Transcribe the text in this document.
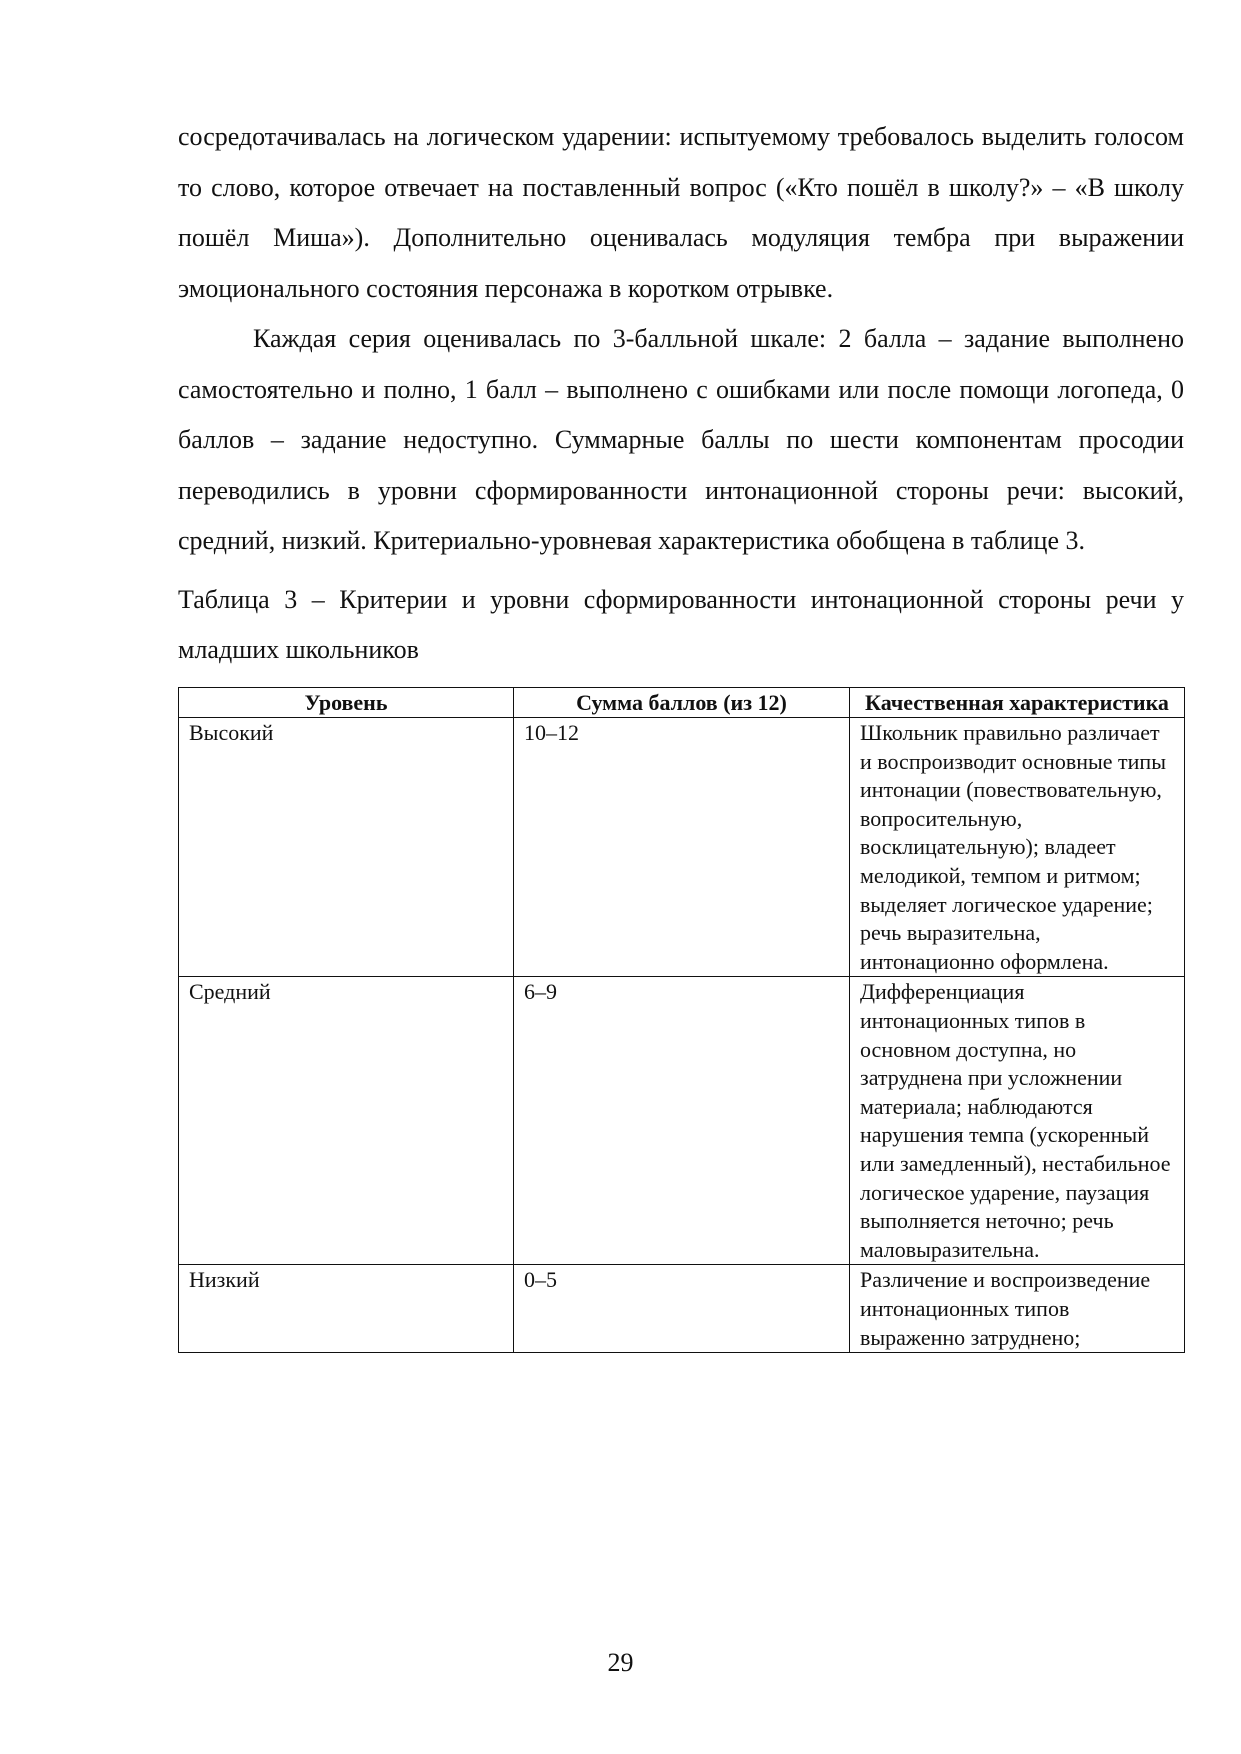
сосредотачивалась на логическом ударении: испытуемому требовалось выделить голосом то слово, которое отвечает на поставленный вопрос («Кто пошёл в школу?» – «В школу пошёл Миша»). Дополнительно оценивалась модуляция тембра при выражении эмоционального состояния персонажа в коротком отрывке.

Каждая серия оценивалась по 3-балльной шкале: 2 балла – задание выполнено самостоятельно и полно, 1 балл – выполнено с ошибками или после помощи логопеда, 0 баллов – задание недоступно. Суммарные баллы по шести компонентам просодии переводились в уровни сформированности интонационной стороны речи: высокий, средний, низкий. Критериально-уровневая характеристика обобщена в таблице 3.

Таблица 3 – Критерии и уровни сформированности интонационной стороны речи у младших школьников

Уровень	Сумма баллов (из 12)	Качественная характеристика
Высокий	10–12	Школьник правильно различает и воспроизводит основные типы интонации (повествовательную, вопросительную, восклицательную); владеет мелодикой, темпом и ритмом; выделяет логическое ударение; речь выразительна, интонационно оформлена.
Средний	6–9	Дифференциация интонационных типов в основном доступна, но затруднена при усложнении материала; наблюдаются нарушения темпа (ускоренный или замедленный), нестабильное логическое ударение, паузация выполняется неточно; речь маловыразительна.
Низкий	0–5	Различение и воспроизведение интонационных типов выраженно затруднено;
29
